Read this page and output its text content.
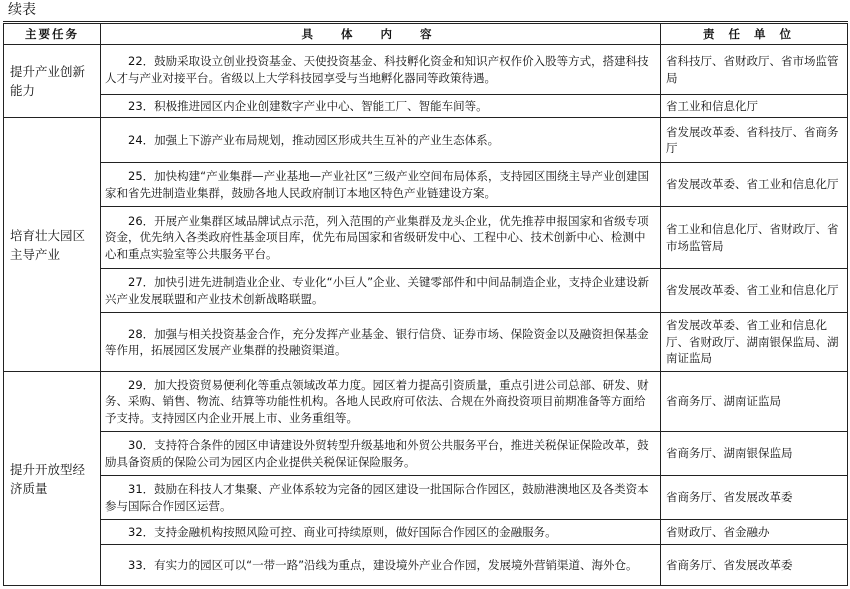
续表
主要任务	具体内容	责任单位
提升产业创新能力	22．鼓励采取设立创业投资基金、天使投资基金、科技孵化资金和知识产权作价入股等方式，搭建科技人才与产业对接平台。省级以上大学科技园享受与当地孵化器同等政策待遇。	省科技厅、省财政厅、省市场监管局
	23．积极推进园区内企业创建数字产业中心、智能工厂、智能车间等。	省工业和信息化厅
培育壮大园区主导产业	24．加强上下游产业布局规划，推动园区形成共生互补的产业生态体系。	省发展改革委、省科技厅、省商务厅
	25．加快构建“产业集群—产业基地—产业社区”三级产业空间布局体系，支持园区围绕主导产业创建国家和省先进制造业集群，鼓励各地人民政府制订本地区特色产业链建设方案。	省发展改革委、省工业和信息化厅
	26．开展产业集群区域品牌试点示范，列入范围的产业集群及龙头企业，优先推荐申报国家和省级专项资金，优先纳入各类政府性基金项目库，优先布局国家和省级研发中心、工程中心、技术创新中心、检测中心和重点实验室等公共服务平台。	省工业和信息化厅、省财政厅、省市场监管局
	27．加快引进先进制造业企业、专业化“小巨人”企业、关键零部件和中间品制造企业，支持企业建设新兴产业发展联盟和产业技术创新战略联盟。	省发展改革委、省工业和信息化厅
	28．加强与相关投资基金合作，充分发挥产业基金、银行信贷、证券市场、保险资金以及融资担保基金等作用，拓展园区发展产业集群的投融资渠道。	省发展改革委、省工业和信息化厅、省财政厅、湖南银保监局、湖南证监局
提升开放型经济质量	29．加大投资贸易便利化等重点领域改革力度。园区着力提高引资质量，重点引进公司总部、研发、财务、采购、销售、物流、结算等功能性机构。各地人民政府可依法、合规在外商投资项目前期准备等方面给予支持。支持园区内企业开展上市、业务重组等。	省商务厅、湖南证监局
	30．支持符合条件的园区申请建设外贸转型升级基地和外贸公共服务平台，推进关税保证保险改革，鼓励具备资质的保险公司为园区内企业提供关税保证保险服务。	省商务厅、湖南银保监局
	31．鼓励在科技人才集聚、产业体系较为完备的园区建设一批国际合作园区，鼓励港澳地区及各类资本参与国际合作园区运营。	省商务厅、省发展改革委
	32．支持金融机构按照风险可控、商业可持续原则，做好国际合作园区的金融服务。	省财政厅、省金融办
	33．有实力的园区可以“一带一路”沿线为重点，建设境外产业合作园，发展境外营销渠道、海外仓。	省商务厅、省发展改革委
